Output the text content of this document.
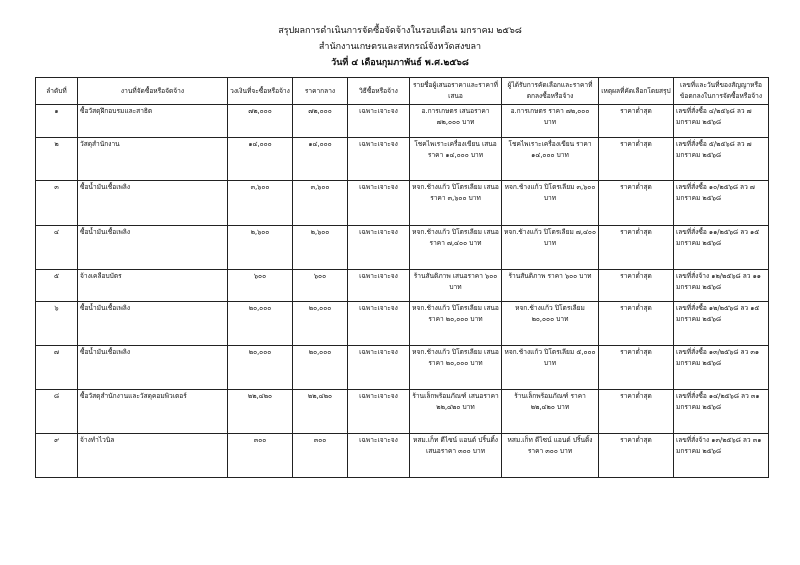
สรุปผลการดำเนินการจัดซื้อจัดจ้างในรอบเดือน มกราคม ๒๕๖๘
สำนักงานเกษตรและสหกรณ์จังหวัดสงขลา
วันที่ ๔ เดือนกุมภาพันธ์ พ.ศ.๒๕๖๘
ลำดับที่	งานที่จัดซื้อหรือจัดจ้าง	วงเงินที่จะซื้อหรือจ้าง	ราคากลาง	วิธีซื้อหรือจ้าง	รายชื่อผู้เสนอราคาและราคาที่เสนอ	ผู้ได้รับการคัดเลือกและราคาที่ตกลงซื้อหรือจ้าง	เหตุผลที่คัดเลือกโดยสรุป	เลขที่และวันที่ของสัญญาหรือข้อตกลงในการจัดซื้อหรือจ้าง
๑	ซื้อวัสดุฝึกอบรมและสาธิต	๗๒,๐๐๐	๗๒,๐๐๐	เฉพาะเจาะจง	อ.การเกษตร เสนอราคา ๗๒,๐๐๐ บาท	อ.การเกษตร ราคา ๗๒,๐๐๐ บาท	ราคาต่ำสุด	เลขที่สั่งซื้อ ๔/๒๕๖๘ ลว ๗ มกราคม ๒๕๖๘
๒	วัสดุสำนักงาน	๑๔,๐๐๐	๑๔,๐๐๐	เฉพาะเจาะจง	โชคไพเราะเครื่องเขียน เสนอราคา ๑๔,๐๐๐ บาท	โชคไพเราะเครื่องเขียน ราคา ๑๔,๐๐๐ บาท	ราคาต่ำสุด	เลขที่สั่งซื้อ ๕/๒๕๖๘ ลว ๗ มกราคม ๒๕๖๘
๓	ซื้อน้ำมันเชื้อเพลิง	๓,๖๐๐	๓,๖๐๐	เฉพาะเจาะจง	หจก.ช้างแก้ว ปิโตรเลียม เสนอราคา ๓,๖๐๐ บาท	หจก.ช้างแก้ว ปิโตรเลียม ๓,๖๐๐ บาท	ราคาต่ำสุด	เลขที่สั่งซื้อ ๑๐/๒๕๖๘ ลว ๗ มกราคม ๒๕๖๘
๔	ซื้อน้ำมันเชื้อเพลิง	๒,๖๐๐	๒,๖๐๐	เฉพาะเจาะจง	หจก.ช้างแก้ว ปิโตรเลียม เสนอราคา ๗,๔๐๐ บาท	หจก.ช้างแก้ว ปิโตรเลียม ๗,๔๐๐ บาท	ราคาต่ำสุด	เลขที่สั่งซื้อ ๑๑/๒๕๖๘ ลว ๑๕ มกราคม ๒๕๖๘
๕	จ้างเคลือบบัตร	๖๐๐	๖๐๐	เฉพาะเจาะจง	ร้านสันติภาพ เสนอราคา ๖๐๐ บาท	ร้านสันติภาพ ราคา ๖๐๐ บาท	ราคาต่ำสุด	เลขที่สั่งจ้าง ๑๒/๒๕๖๘ ลว ๑๑ มกราคม ๒๕๖๘
๖	ซื้อน้ำมันเชื้อเพลิง	๒๐,๐๐๐	๒๐,๐๐๐	เฉพาะเจาะจง	หจก.ช้างแก้ว ปิโตรเลียม เสนอราคา ๒๐,๐๐๐ บาท	หจก.ช้างแก้ว ปิโตรเลียม ๒๐,๐๐๐ บาท	ราคาต่ำสุด	เลขที่สั่งซื้อ ๑๒/๒๕๖๘ ลว ๑๕ มกราคม ๒๕๖๘
๗	ซื้อน้ำมันเชื้อเพลิง	๒๐,๐๐๐	๒๐,๐๐๐	เฉพาะเจาะจง	หจก.ช้างแก้ว ปิโตรเลียม เสนอราคา ๒๐,๐๐๐ บาท	หจก.ช้างแก้ว ปิโตรเลียม ๕,๐๐๐ บาท	ราคาต่ำสุด	เลขที่สั่งซื้อ ๑๓/๒๕๖๘ ลว ๓๑ มกราคม ๒๕๖๘
๘	ซื้อวัสดุสำนักงานและวัสดุคอมพิวเตอร์	๒๒,๔๒๐	๒๒,๔๒๐	เฉพาะเจาะจง	ร้านเล็กพร้อมภัณฑ์ เสนอราคา ๒๒,๔๒๐ บาท	ร้านเล็กพร้อมภัณฑ์ ราคา ๒๒,๔๒๐ บาท	ราคาต่ำสุด	เลขที่สั่งซื้อ ๑๔/๒๕๖๘ ลว ๓๑ มกราคม ๒๕๖๘
๙	จ้างทำไวนิล	๓๐๐	๓๐๐	เฉพาะเจาะจง	หสม.เก็ท ดีไซน์ แอนด์ ปริ้นติ้ง เสนอราคา ๓๐๐ บาท	หสม.เก็ท ดีไซน์ แอนด์ ปริ้นติ้ง ราคา ๓๐๐ บาท	ราคาต่ำสุด	เลขที่สั่งจ้าง ๑๓/๒๕๖๘ ลว ๓๑ มกราคม ๒๕๖๘
